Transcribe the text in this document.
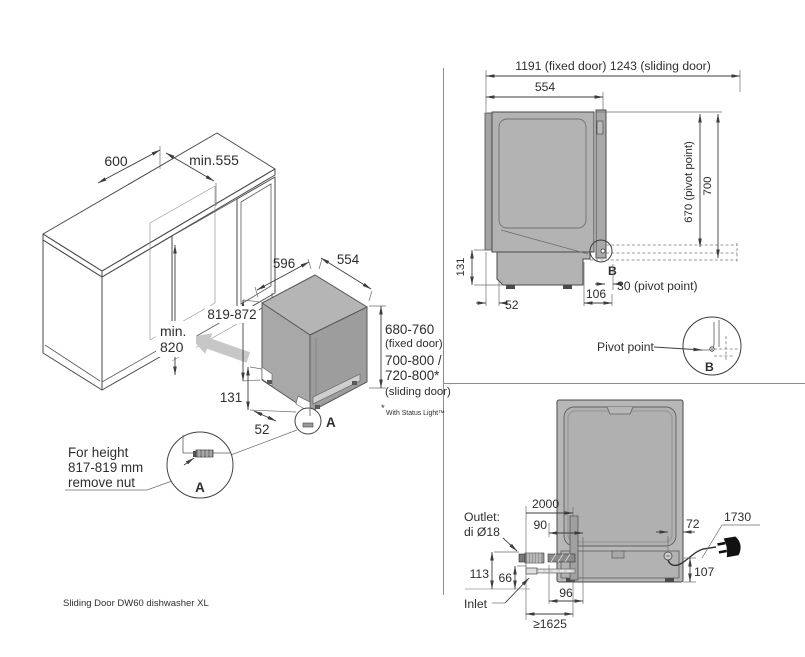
600	min.555
min.
820
596	554
819-872
680-760
(fixed door)
700-800 /
720-800*
(sliding door)
* With Status Light™
131
52	A
A
For height
817-819 mm
remove nut
1191 (fixed door) 1243 (sliding door)
554
B
670 (pivot point) 700
30 (pivot point)
106
52
131
B
Pivot point
2000
90	72 1730
113 66
96
107
≥1625
Outlet:
di Ø18
Inlet
Sliding Door DW60 dishwasher XL
